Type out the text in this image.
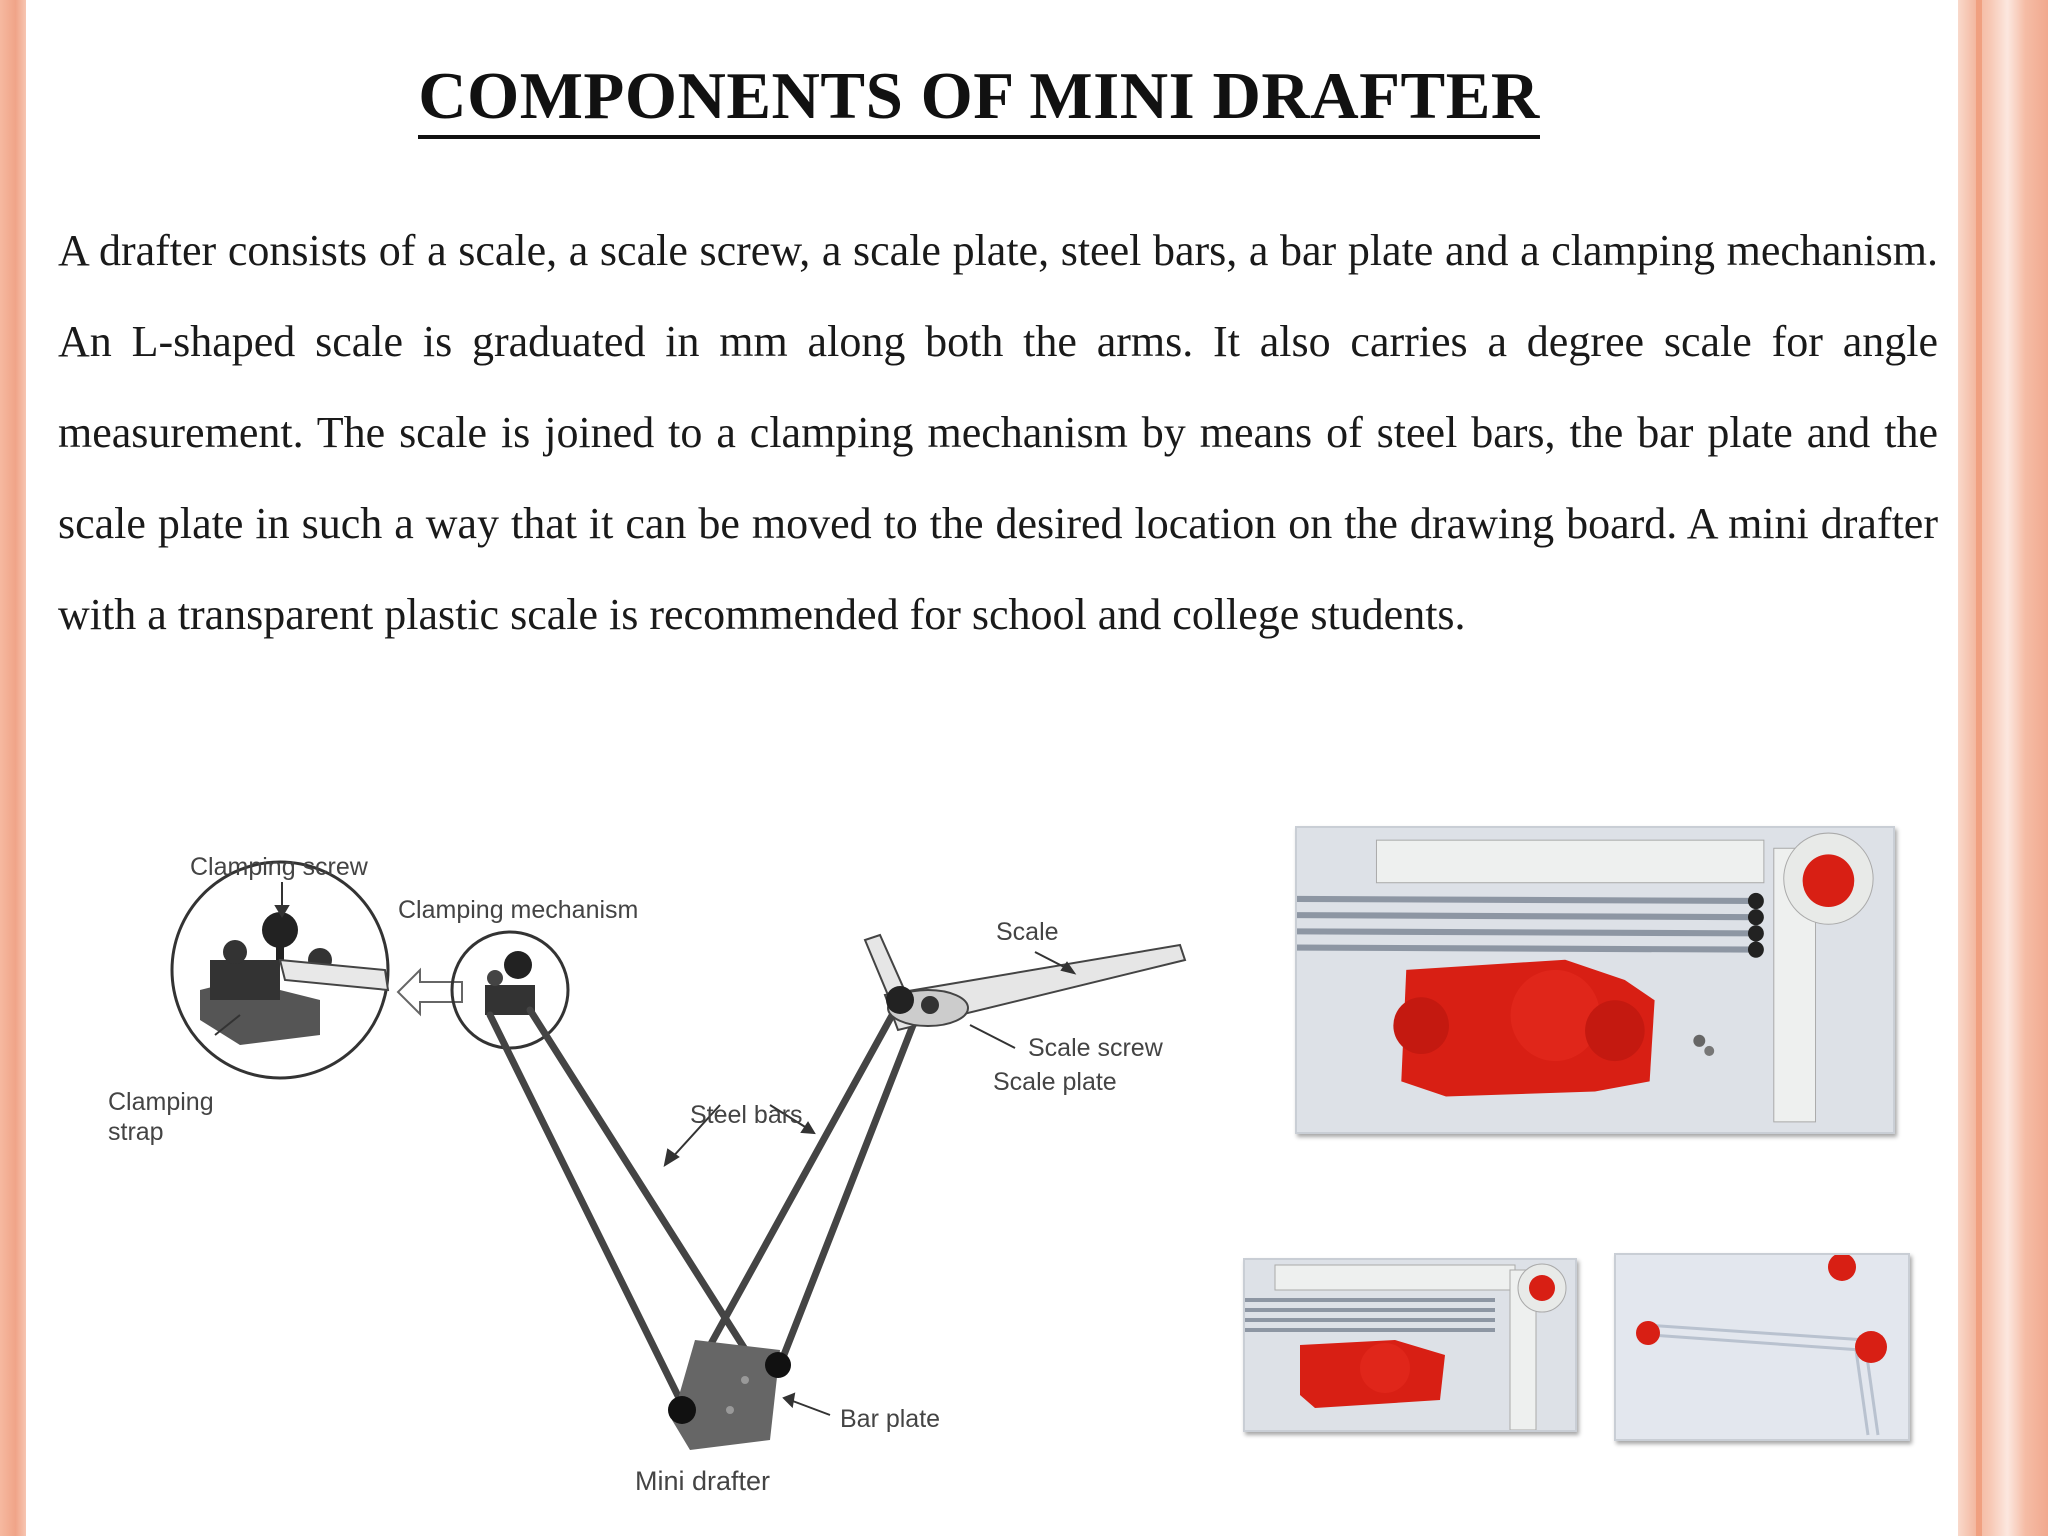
COMPONENTS OF MINI DRAFTER
A drafter consists of a scale, a scale screw, a scale plate, steel bars, a bar plate and a clamping mechanism. An L-shaped scale is graduated in mm along both the arms. It also carries a degree scale for angle measurement. The scale is joined to a clamping mechanism by means of steel bars, the bar plate and the scale plate in such a way that it can be moved to the desired location on the drawing board. A mini drafter with a transparent plastic scale is recommended for school and college students.
Clamping screw
Clamping mechanism
Clamping
strap
Scale
Scale screw
Scale plate
Steel bars
Bar plate
Mini drafter
